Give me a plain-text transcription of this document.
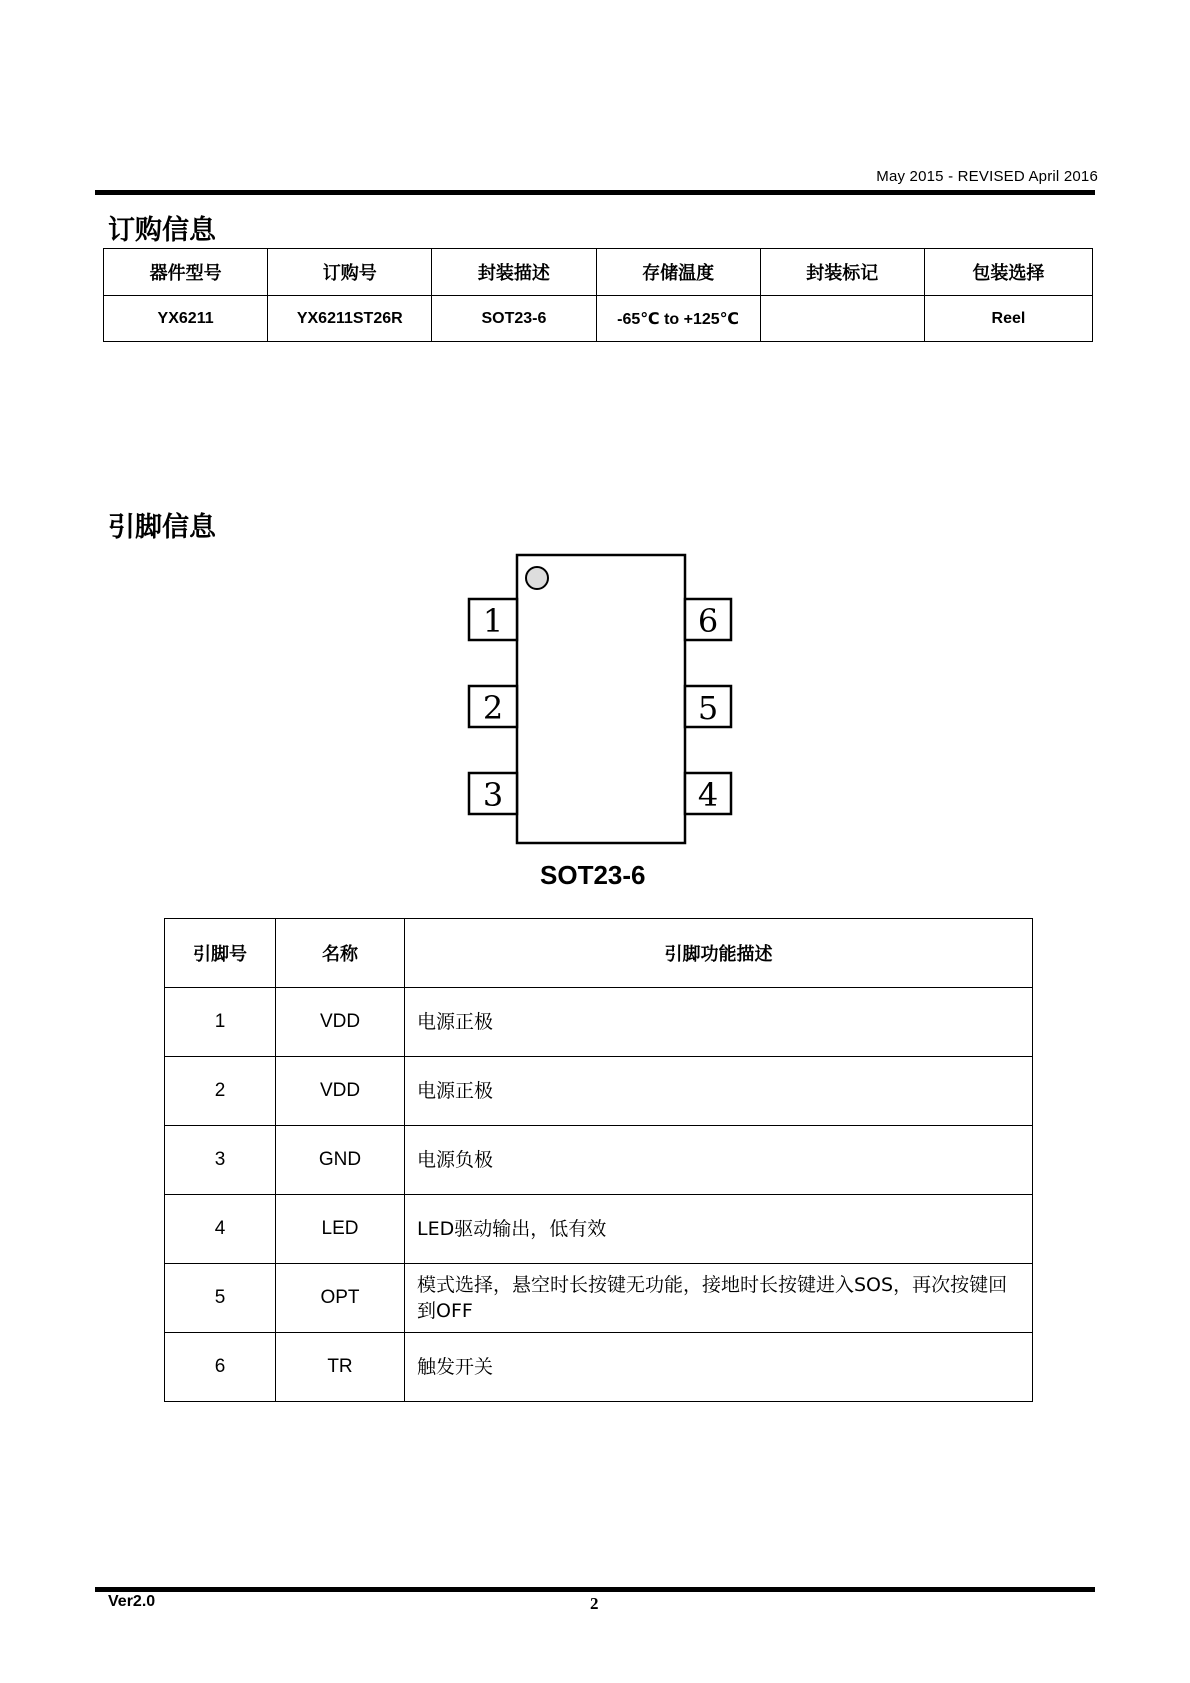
May 2015 - REVISED April 2016
订购信息
器件型号	订购号	封装描述	存储温度	封装标记	包装选择
YX6211	YX6211ST26R	SOT23-6	-65℃ to +125℃		Reel
引脚信息
1
2
3
6
5
4
SOT23-6
引脚号	名称	引脚功能描述
1	VDD	电源正极
2	VDD	电源正极
3	GND	电源负极
4	LED	LED驱动输出，低有效
5	OPT	模式选择，悬空时长按键无功能，接地时长按键进入SOS，再次按键回到OFF
6	TR	触发开关
Ver2.0	2
